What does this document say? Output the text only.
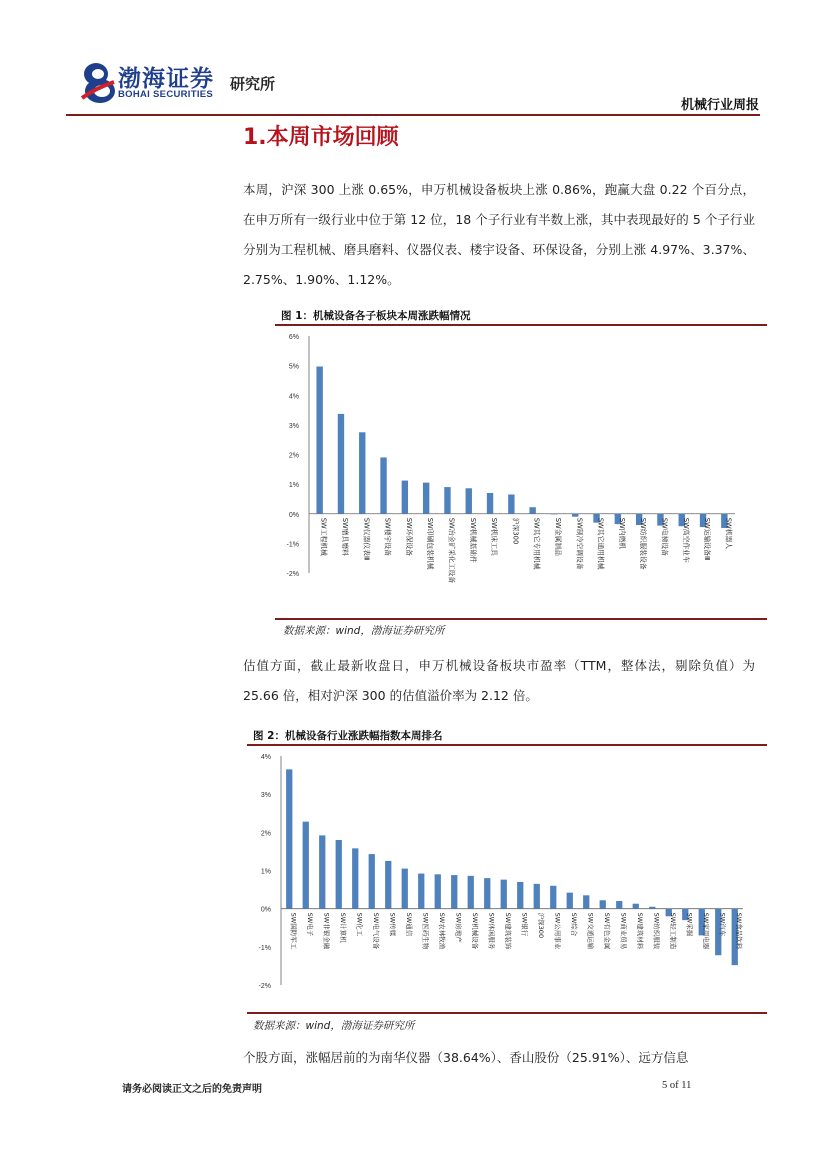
渤海证券
BOHAI SECURITIES
研究所
机械行业周报
1.本周市场回顾
本周，沪深 300 上涨 0.65%，申万机械设备板块上涨 0.86%，跑赢大盘 0.22 个百分点，在申万所有一级行业中位于第 12 位，18 个子行业有半数上涨，其中表现最好的 5 个子行业分别为工程机械、磨具磨料、仪器仪表、楼宇设备、环保设备，分别上涨 4.97%、3.37%、2.75%、1.90%、1.12%。
图 1：机械设备各子板块本周涨跌幅情况
-2%
-1%
0%
1%
2%
3%
4%
5%
6%
SW工程机械 SW磨具磨料 SW仪器仪表Ⅲ SW楼宇设备 SW环保设备 SW印刷包装机械 SW冶金矿采化工设备 SW机械基础件 SW机床工具 沪深300 SW其它专用机械 SW金属制品 SW制冷空调设备 SW其它通用机械 SW内燃机 SW纺织服装设备 SW电梯设备 SW高空作业车 SW运输设备Ⅲ SW机器人
数据来源：wind，渤海证券研究所
估值方面，截止最新收盘日，申万机械设备板块市盈率（TTM，整体法，剔除负值）为 25.66 倍，相对沪深 300 的估值溢价率为 2.12 倍。
图 2：机械设备行业涨跌幅指数本周排名
-2%
-1%
0%
1%
2%
3%
4%
SW国防军工 SW电子 SW非银金融 SW计算机 SW化工 SW电气设备 SW传媒 SW通信 SW医药生物 SW农林牧渔 SW房地产 SW机械设备 SW休闲服务 SW建筑装饰 SW银行 沪深300 SW公用事业 SW综合 SW交通运输 SW有色金属 SW商业贸易 SW建筑材料 SW纺织服装 SW轻工制造 SW采掘 SW家用电器 SW汽车 SW食品饮料
数据来源：wind，渤海证券研究所
个股方面，涨幅居前的为南华仪器（38.64%）、香山股份（25.91%）、远方信息
请务必阅读正文之后的免责声明	5 of 11
